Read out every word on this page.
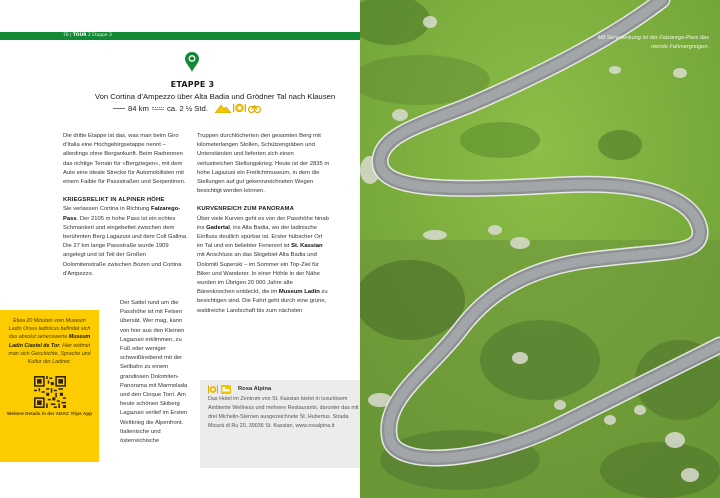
70 | TOUR 2 Etappe 3
ETAPPE 3
Von Cortina d'Ampezzo über Alta Badia und Grödner Tal nach Klausen
84 km ca. 2 ½ Std.

Die dritte Etappe ist das, was man beim Giro d'Italia eine Hochgebirgsetappe nennt – allerdings ohne Bergankunft. Beim Radrennen das richtige Terrain für »Bergziegen«, mit dem Auto eine ideale Strecke für Automobilisten mit einem Faible für Passstraßen und Serpentinen.

KRIEGSRELIKT IN ALPINER HÖHE

Sie verlassen Cortina in Richtung Falzarego-Pass. Der 2105 m hohe Pass ist ein echtes Schmankerl und eingebettet zwischen dem berühmten Berg Lagazuoi und dem Coll Gallina. Die 27 km lange Passstraße wurde 1909 angelegt und ist Teil der Großen Dolomitenstraße zwischen Bozen und Cortina d'Ampezzo.

Der Sattel rund um die Passhöhe ist mit Felsen übersät. Wer mag, kann von hier aus den Kleinen Lagazuoi erklimmen, zu Fuß oder weniger schweißtreibend mit der Seilbahn zu einem grandiosen Dolomiten-Panorama mit Marmolada und den Cinque Torri. Am heute schönen Skiberg Lagazuoi verlief im Ersten Weltkrieg die Alpenfront. Italienische und österreichische

Truppen durchlöcherten den gesamten Berg mit kilometerlangen Stollen, Schützengräben und Unterständen und lieferten sich einen verlustreichen Stellungskrieg. Heute ist der 2835 m hohe Lagazuoi ein Freilichtmuseum, in dem die Stellungen auf gut gekennzeichneten Wegen besichtigt werden können.

KURVENREICH ZUM PANORAMA

Über viele Kurven geht es von der Passhöhe hinab ins Gadertal, ins Alta Badia, wo der ladinische Einfluss deutlich spürbar ist. Erster hübscher Ort im Tal und ein beliebter Ferienort ist St. Kassian mit Anschluss an das Skigebiet Alta Badia und Dolomiti Superski – im Sommer ein Top-Ziel für Biker und Wanderer. In einer Höhle in der Nähe wurden im Übrigen 20 000 Jahre alte Bärenknochen entdeckt, die im Museum Ladin zu besichtigen sind. Die Fahrt geht durch eine grüne, waldreiche Landschaft bis zum nächsten

Etwa 20 Minuten vom Museum Ladin Ursus ladinicus befindet sich das absolut sehenswerte Museum Ladin Ciastel de Tor. Hier widmet man sich Geschichte, Sprache und Kultur der Ladiner.
Weitere Details in der ADAC Trips App
Rosa Alpina
Das Hotel im Zentrum von St. Kassian bietet in luxuriösem Ambiente Wellness und mehrere Restaurants, darunter das mit drei Michelin-Sternen ausgezeichnete St. Hubertus. Strada Micurá di Ru 20, 39036 St. Kassian, www.rosalpina.it
Mit Servolenkung ist der Falzarego-Pass das reinste Fahrvergnügen.
